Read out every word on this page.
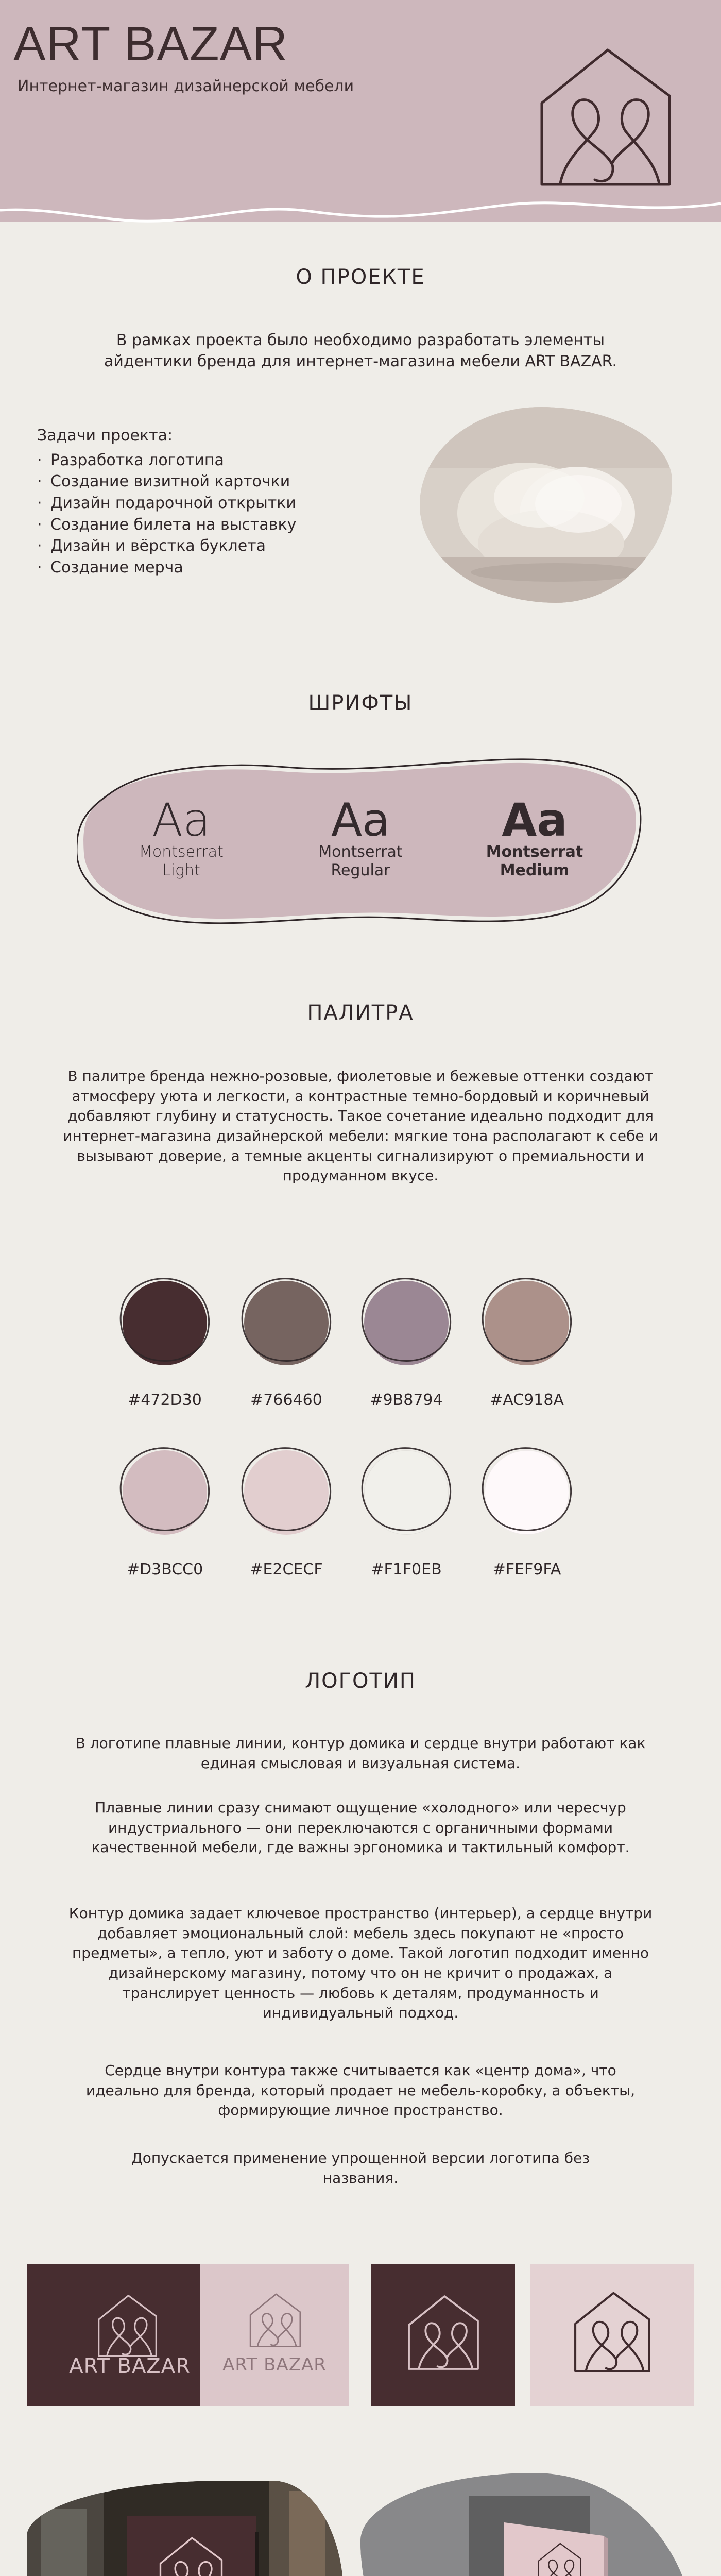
ART BAZAR
Интернет-магазин дизайнерской мебели
О ПРОЕКТЕ
В рамках проекта было необходимо разработать элементы айдентики бренда для интернет-магазина мебели ART BAZAR.
Задачи проекта:
· Разработка логотипа
· Создание визитной карточки
· Дизайн подарочной открытки
· Создание билета на выставку
· Дизайн и вёрстка буклета
· Создание мерча
ШРИФТЫ
Aa
Montserrat
Light
Aa
Montserrat
Regular
Aa
Montserrat
Medium
ПАЛИТРА
В палитре бренда нежно-розовые, фиолетовые и бежевые оттенки создают атмосферу уюта и легкости, а контрастные темно-бордовый и коричневый добавляют глубину и статусность. Такое сочетание идеально подходит для интернет-магазина дизайнерской мебели: мягкие тона располагают к себе и вызывают доверие, а темные акценты сигнализируют о премиальности и продуманном вкусе.
#472D30	#766460	#9B8794	#AC918A
#D3BCC0	#E2CECF	#F1F0EB	#FEF9FA
ЛОГОТИП
В логотипе плавные линии, контур домика и сердце внутри работают как единая смысловая и визуальная система.
Плавные линии сразу снимают ощущение «холодного» или чересчур индустриального — они переключаются с органичными формами качественной мебели, где важны эргономика и тактильный комфорт.
Контур домика задает ключевое пространство (интерьер), а сердце внутри добавляет эмоциональный слой: мебель здесь покупают не «просто предметы», а тепло, уют и заботу о доме. Такой логотип подходит именно дизайнерскому магазину, потому что он не кричит о продажах, а транслирует ценность — любовь к деталям, продуманность и индивидуальный подход.
Сердце внутри контура также считывается как «центр дома», что идеально для бренда, который продает не мебель-коробку, а объекты, формирующие личное пространство.
Допускается применение упрощенной версии логотипа без названия.
ART BAZAR	ART BAZAR
